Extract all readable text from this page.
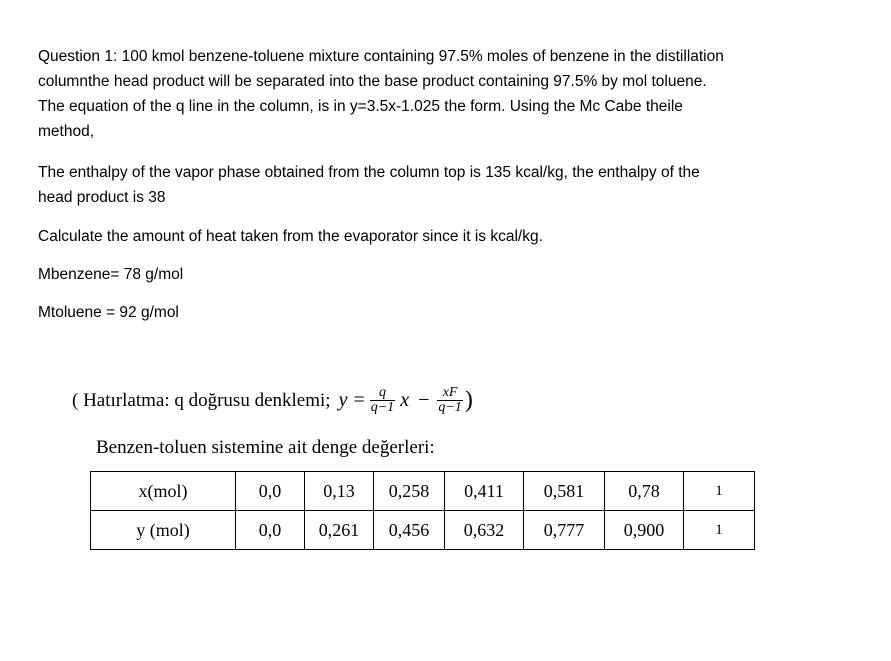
Question 1: 100 kmol benzene-toluene mixture containing 97.5% moles of benzene in the distillation
columnthe head product will be separated into the base product containing 97.5% by mol toluene.
The equation of the q line in the column, is in y=3.5x-1.025 the form. Using the Mc Cabe theile
method,
The enthalpy of the vapor phase obtained from the column top is 135 kcal/kg, the enthalpy of the
head product is 38
Calculate the amount of heat taken from the evaporator since it is kcal/kg.
Mbenzene= 78 g/mol
Mtoluene = 92 g/mol
( Hatırlatma: q doğrusu denklemi; $y = \frac{q}{q-1}$ $x - \frac{xF}{q-1}$ )
Benzen-toluen sistemine ait denge değerleri:
x(mol)	0,0	0,13	0,258	0,411	0,581	0,78	1
y (mol)	0,0	0,261	0,456	0,632	0,777	0,900	1
